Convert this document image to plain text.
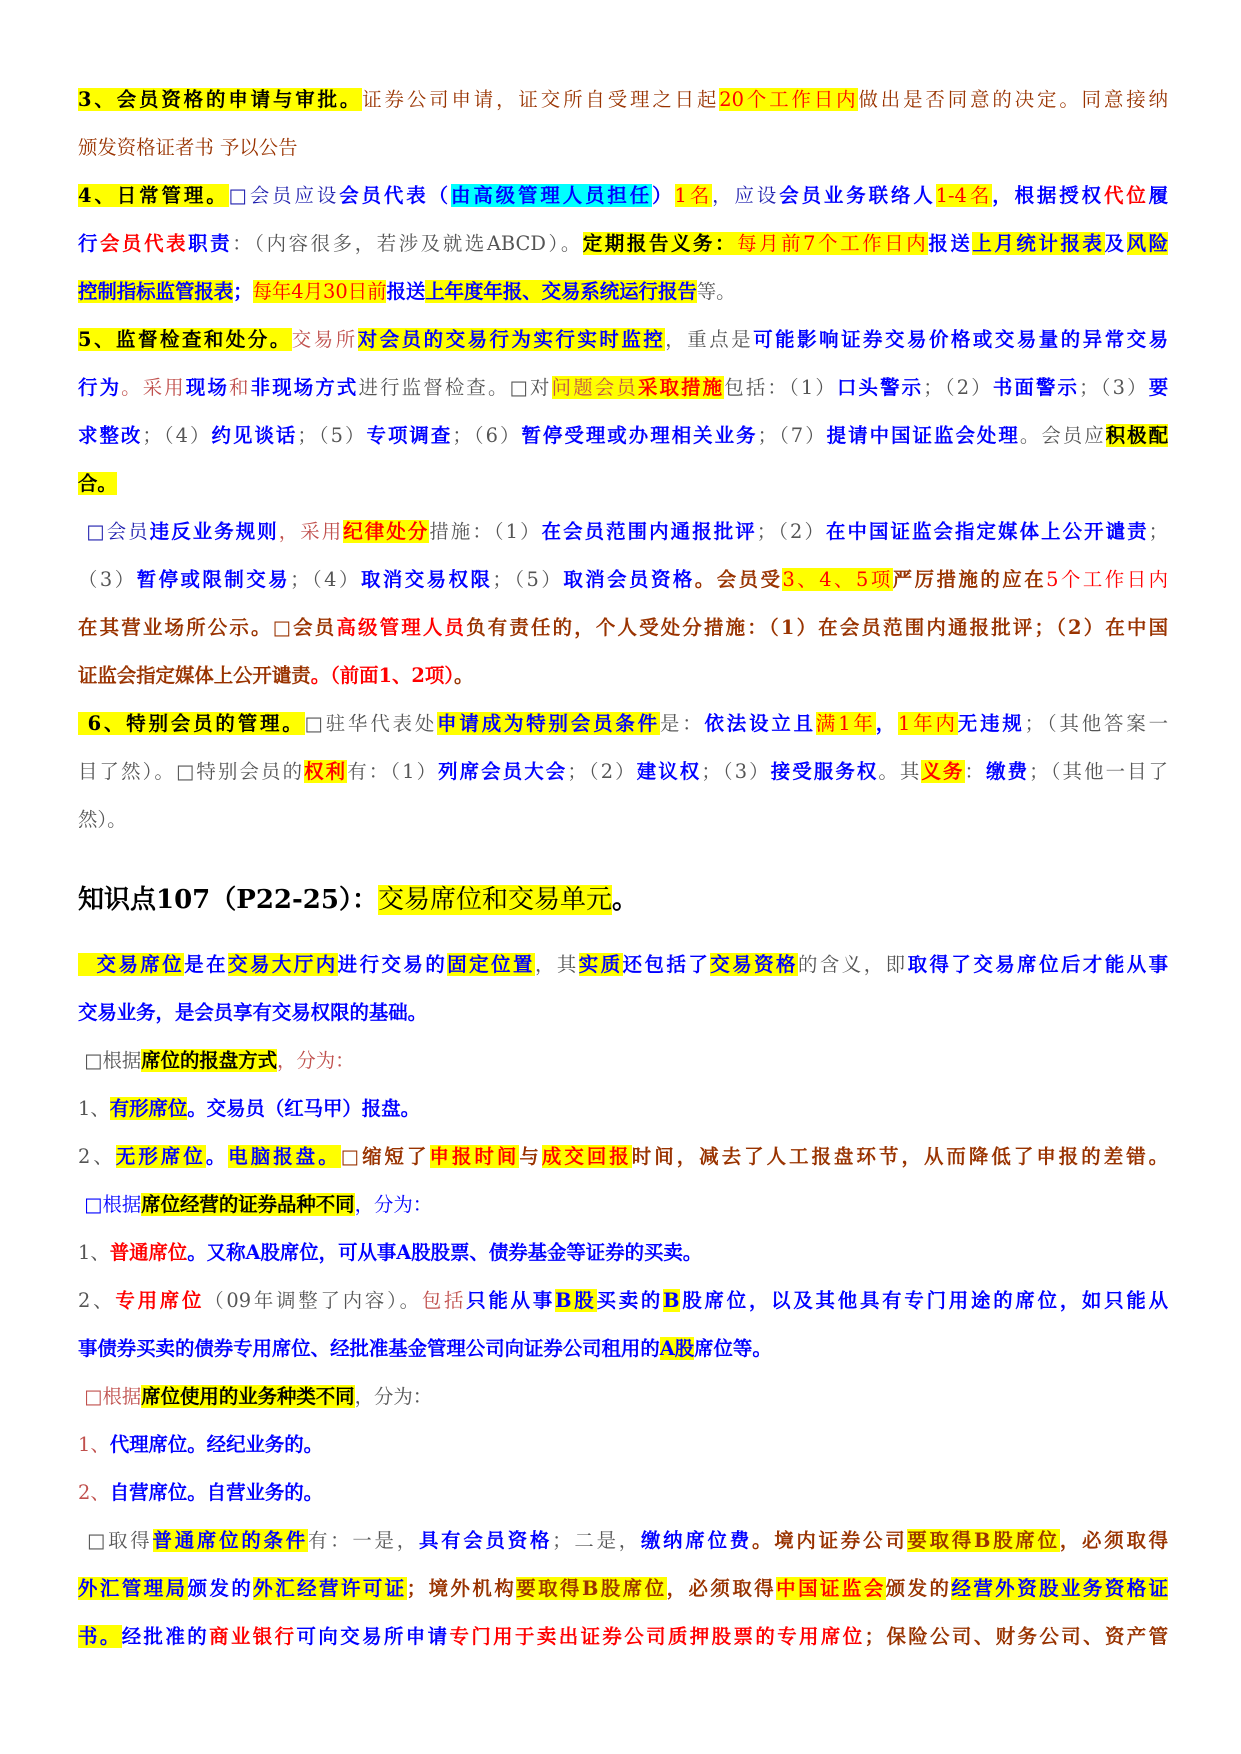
3、会员资格的申请与审批。证券公司申请，证交所自受理之日起20个工作日内做出是否同意的决定。同意接纳
颁发资格证者书 予以公告
4、日常管理。□会员应设会员代表（由高级管理人员担任）1名，应设会员业务联络人1-4名，根据授权代位履
行会员代表职责：（内容很多，若涉及就选ABCD）。定期报告义务：每月前7个工作日内报送上月统计报表及风险
控制指标监管报表；每年4月30日前报送上年度年报、交易系统运行报告等。
5、监督检查和处分。交易所对会员的交易行为实行实时监控，重点是可能影响证券交易价格或交易量的异常交易
行为。采用现场和非现场方式进行监督检查。□对问题会员采取措施包括：（1）口头警示；（2）书面警示；（3）要
求整改；（4）约见谈话；（5）专项调查；（6）暂停受理或办理相关业务；（7）提请中国证监会处理。会员应积极配
合。
□会员违反业务规则，采用纪律处分措施：（1）在会员范围内通报批评；（2）在中国证监会指定媒体上公开谴责；
（3）暂停或限制交易；（4）取消交易权限；（5）取消会员资格。会员受3、4、5项严厉措施的应在5个工作日内
在其营业场所公示。□会员高级管理人员负有责任的，个人受处分措施：（1）在会员范围内通报批评；（2）在中国
证监会指定媒体上公开谴责。（前面1、2项）。
6、特别会员的管理。□驻华代表处申请成为特别会员条件是：依法设立且满1年，1年内无违规；（其他答案一
目了然）。□特别会员的权利有：（1）列席会员大会；（2）建议权；（3）接受服务权。其义务：缴费；（其他一目了
然）。
知识点107（P22-25）：交易席位和交易单元。
交易席位是在交易大厅内进行交易的固定位置，其实质还包括了交易资格的含义，即取得了交易席位后才能从事
交易业务，是会员享有交易权限的基础。
□根据席位的报盘方式，分为：
1、有形席位。交易员（红马甲）报盘。
2、无形席位。电脑报盘。□缩短了申报时间与成交回报时间，减去了人工报盘环节，从而降低了申报的差错。
□根据席位经营的证券品种不同，分为：
1、普通席位。又称A股席位，可从事A股股票、债券基金等证券的买卖。
2、专用席位（09年调整了内容）。包括只能从事B股买卖的B股席位，以及其他具有专门用途的席位，如只能从
事债券买卖的债券专用席位、经批准基金管理公司向证券公司租用的A股席位等。
□根据席位使用的业务种类不同，分为：
1、代理席位。经纪业务的。
2、自营席位。自营业务的。
□取得普通席位的条件有：一是，具有会员资格；二是，缴纳席位费。境内证券公司要取得B股席位，必须取得
外汇管理局颁发的外汇经营许可证；境外机构要取得B股席位，必须取得中国证监会颁发的经营外资股业务资格证
书。经批准的商业银行可向交易所申请专门用于卖出证券公司质押股票的专用席位；保险公司、财务公司、资产管
